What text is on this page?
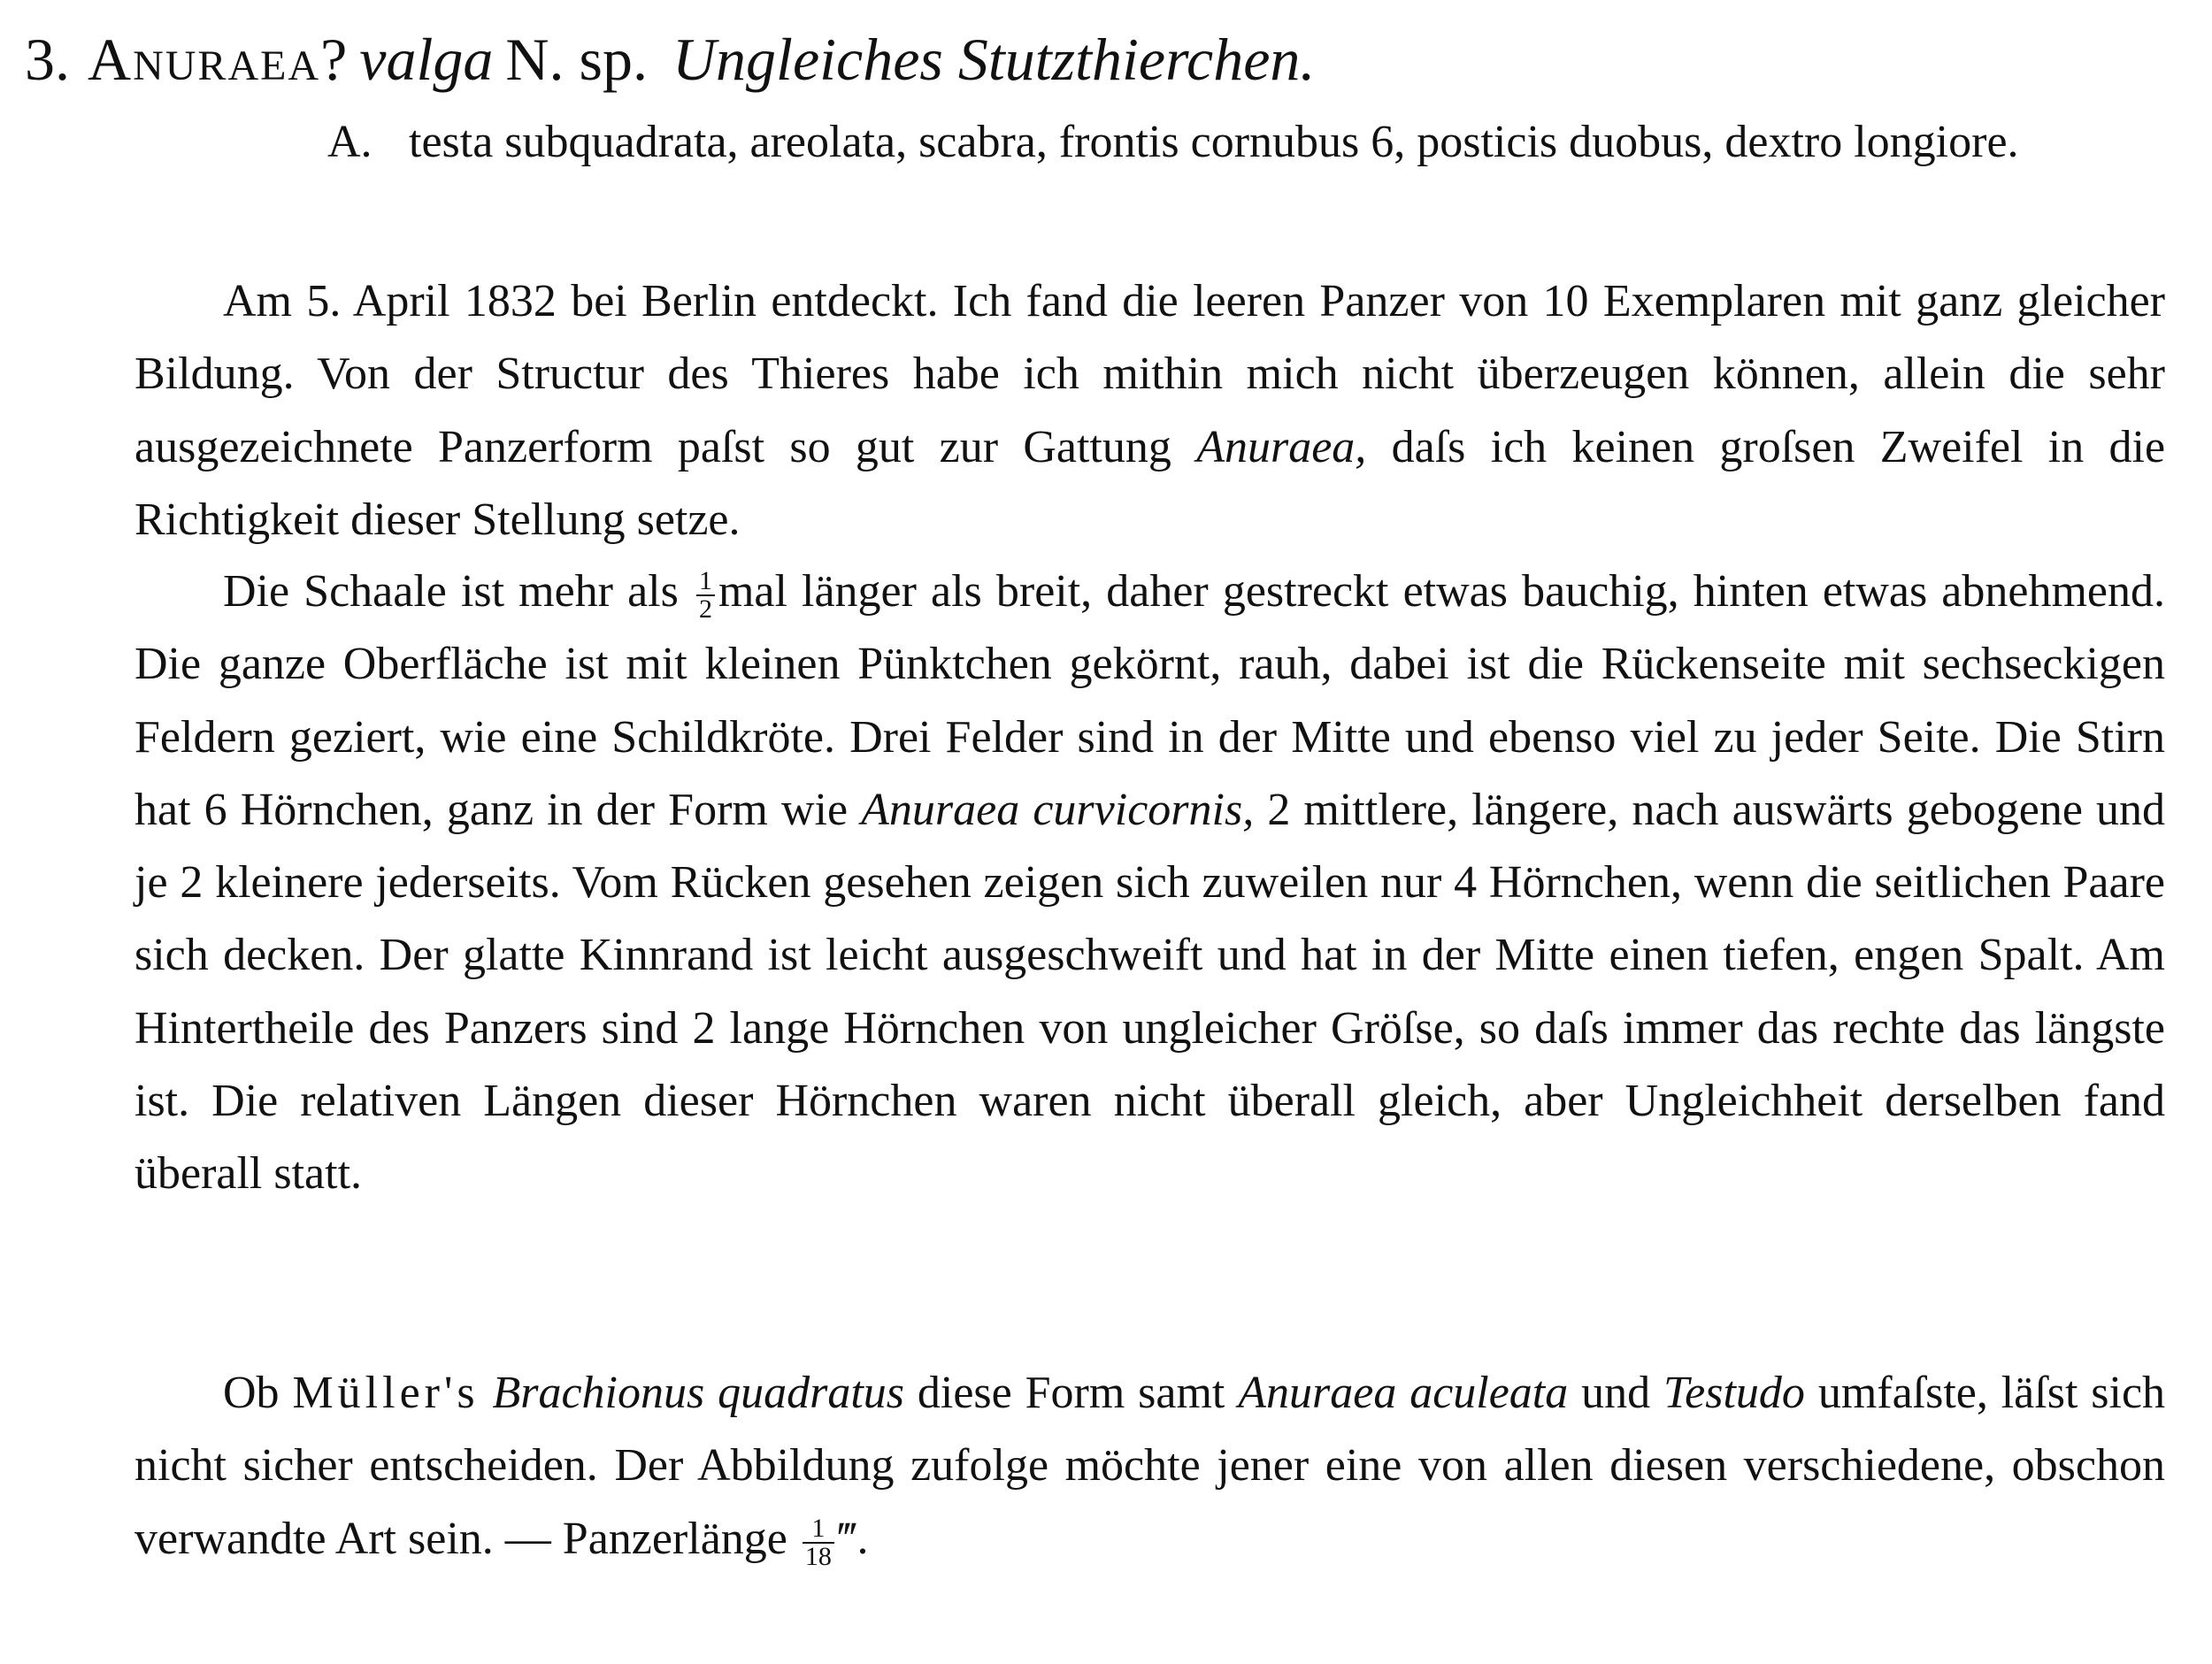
3. Anuraea? valga N. sp. Ungleiches Stutzthierchen.
A. testa subquadrata, areolata, scabra, frontis cornubus 6, posticis duobus, dextro longiore.

Am 5. April 1832 bei Berlin entdeckt. Ich fand die leeren Panzer von 10 Exemplaren mit ganz gleicher Bildung. Von der Structur des Thieres habe ich mithin mich nicht überzeugen können, allein die sehr ausgezeichnete Panzerform paſst so gut zur Gattung Anuraea, daſs ich keinen groſsen Zweifel in die Richtigkeit dieser Stellung setze.

Die Schaale ist mehr als $\frac{1}{2}$ mal länger als breit, daher gestreckt etwas bauchig, hinten etwas abnehmend. Die ganze Oberfläche ist mit kleinen Pünktchen gekörnt, rauh, dabei ist die Rückenseite mit sechseckigen Feldern geziert, wie eine Schildkröte. Drei Felder sind in der Mitte und ebenso viel zu jeder Seite. Die Stirn hat 6 Hörnchen, ganz in der Form wie Anuraea curvicornis, 2 mittlere, längere, nach auswärts gebogene und je 2 kleinere jederseits. Vom Rücken gesehen zeigen sich zuweilen nur 4 Hörnchen, wenn die seitlichen Paare sich decken. Der glatte Kinnrand ist leicht ausgeschweift und hat in der Mitte einen tiefen, engen Spalt. Am Hintertheile des Panzers sind 2 lange Hörnchen von ungleicher Gröſse, so daſs immer das rechte das längste ist. Die relativen Längen dieser Hörnchen waren nicht überall gleich, aber Ungleichheit derselben fand überall statt.

Ob Müller's Brachionus quadratus diese Form samt Anuraea aculeata und Testudo umfaſste, läſst sich nicht sicher entscheiden. Der Abbildung zufolge möchte jener eine von allen diesen verschiedene, obschon verwandte Art sein. — Panzerlänge $\frac{1}{18}$ ‴.
